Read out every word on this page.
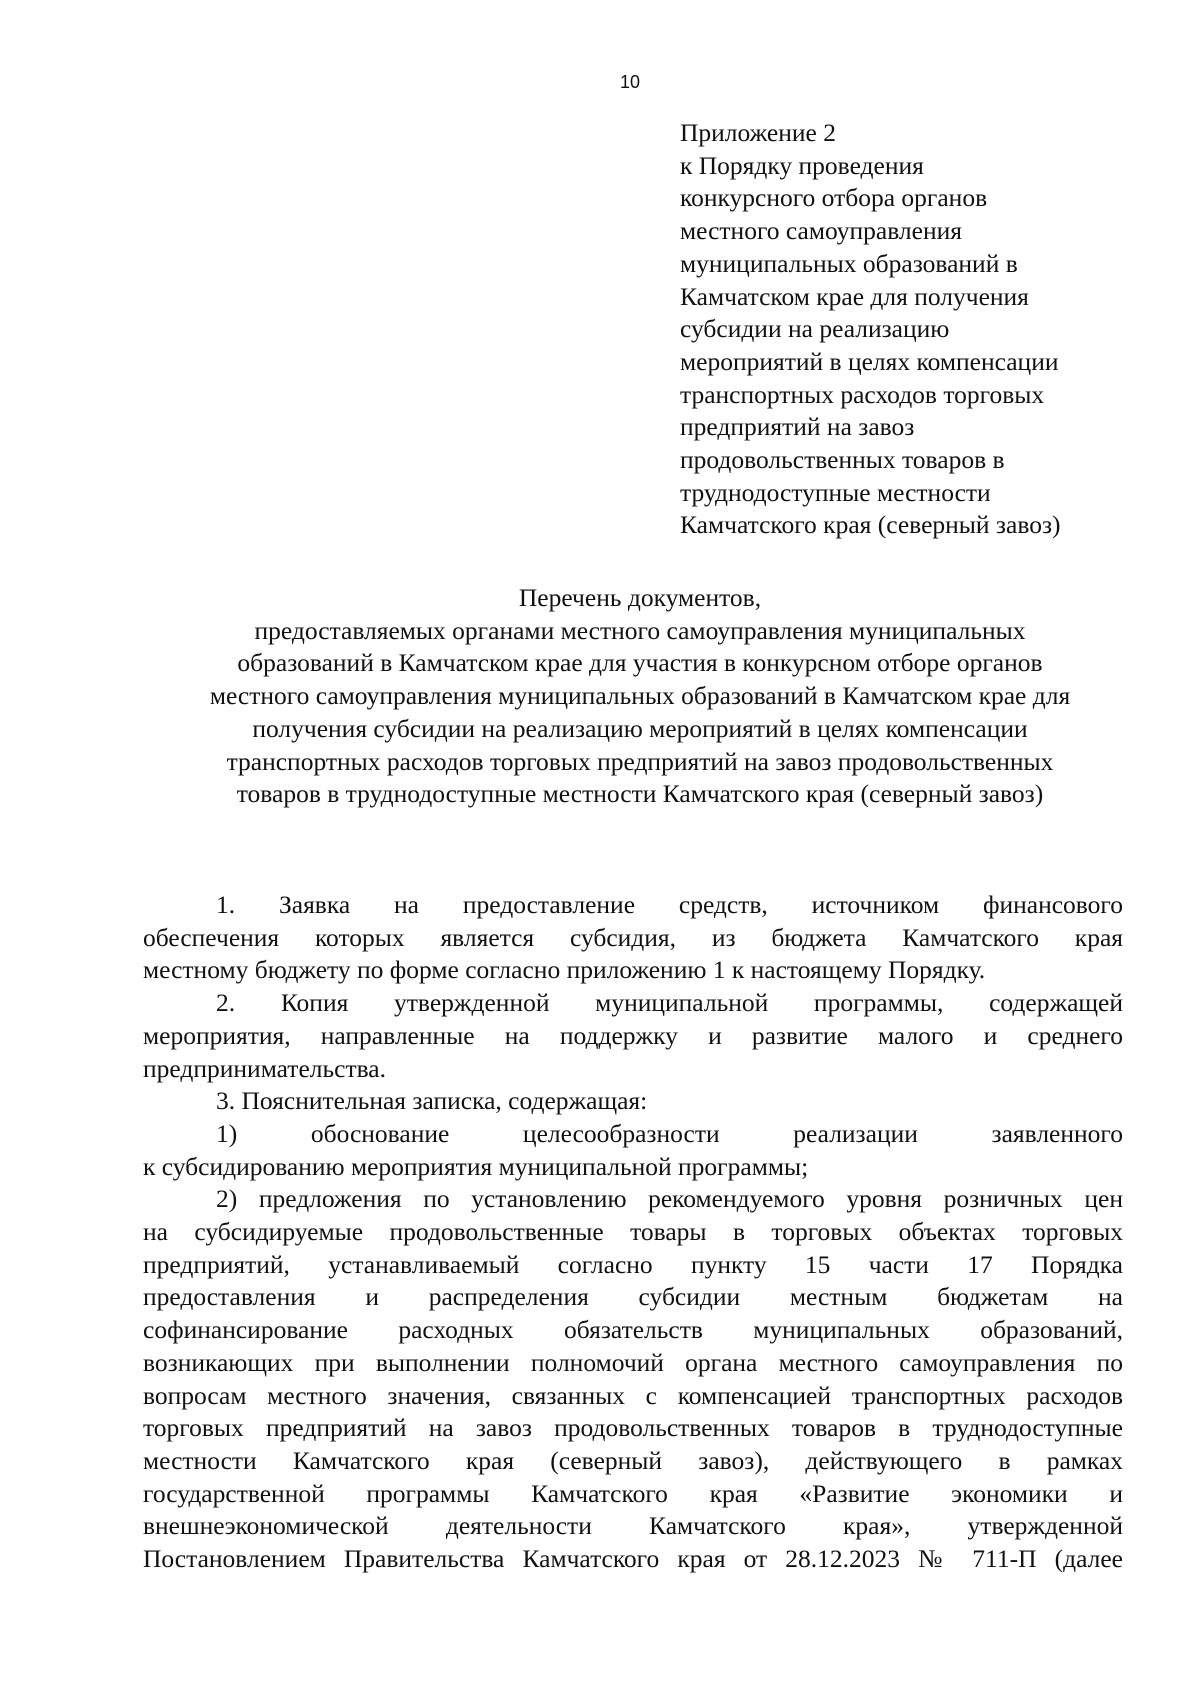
10
Приложение 2
к Порядку проведения
конкурсного отбора органов
местного самоуправления
муниципальных образований в
Камчатском крае для получения
субсидии на реализацию
мероприятий в целях компенсации
транспортных расходов торговых
предприятий на завоз
продовольственных товаров в
труднодоступные местности
Камчатского края (северный завоз)
Перечень документов,
предоставляемых органами местного самоуправления муниципальных
образований в Камчатском крае для участия в конкурсном отборе органов
местного самоуправления муниципальных образований в Камчатском крае для
получения субсидии на реализацию мероприятий в целях компенсации
транспортных расходов торговых предприятий на завоз продовольственных
товаров в труднодоступные местности Камчатского края (северный завоз)
1. Заявка на предоставление средств, источником финансового
обеспечения которых является субсидия, из бюджета Камчатского края
местному бюджету по форме согласно приложению 1 к настоящему Порядку.
2. Копия утвержденной муниципальной программы, содержащей
мероприятия, направленные на поддержку и развитие малого и среднего
предпринимательства.
3. Пояснительная записка, содержащая:
1) обоснование целесообразности реализации заявленного
к субсидированию мероприятия муниципальной программы;
2) предложения по установлению рекомендуемого уровня розничных цен
на субсидируемые продовольственные товары в торговых объектах торговых
предприятий, устанавливаемый согласно пункту 15 части 17 Порядка
предоставления и распределения субсидии местным бюджетам на
софинансирование расходных обязательств муниципальных образований,
возникающих при выполнении полномочий органа местного самоуправления по
вопросам местного значения, связанных с компенсацией транспортных расходов
торговых предприятий на завоз продовольственных товаров в труднодоступные
местности Камчатского края (северный завоз), действующего в рамках
государственной программы Камчатского края «Развитие экономики и
внешнеэкономической деятельности Камчатского края», утвержденной
Постановлением Правительства Камчатского края от 28.12.2023 № 711-П (далее
